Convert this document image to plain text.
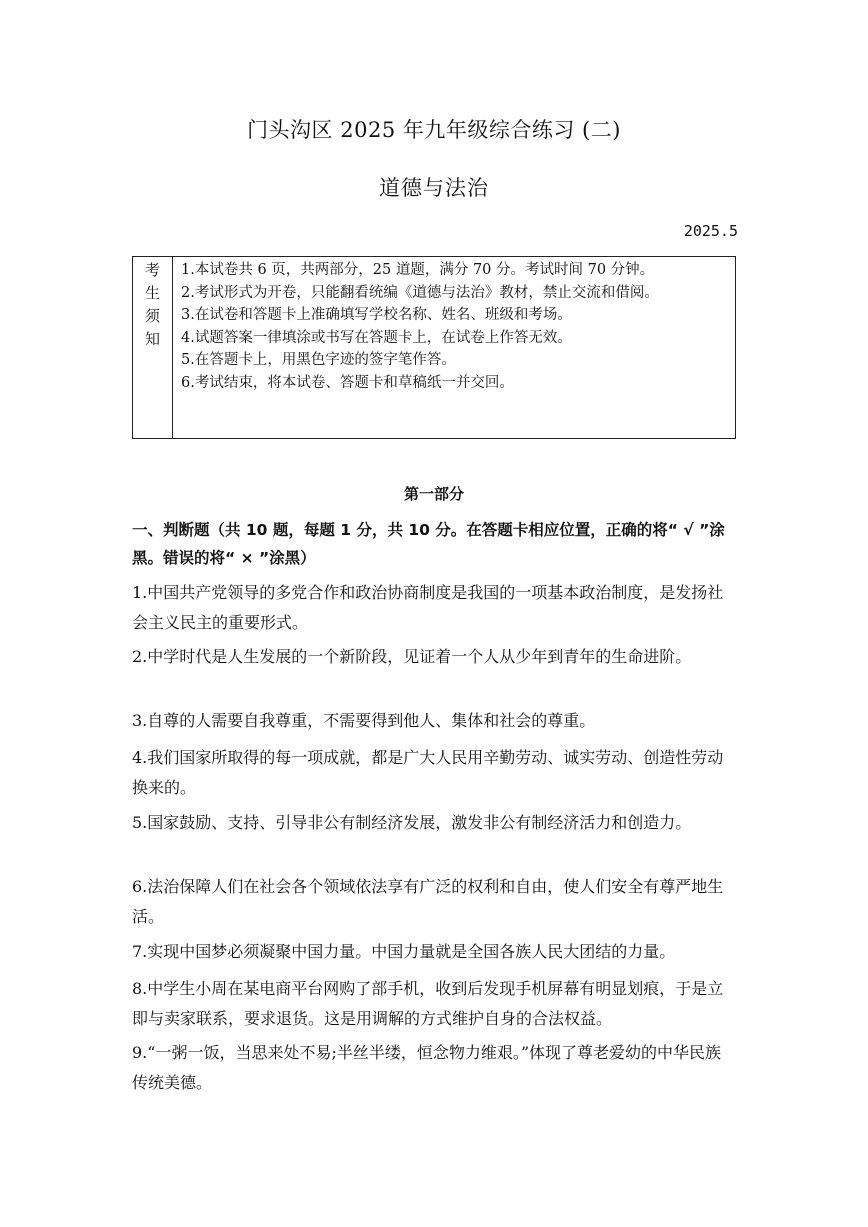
门头沟区 2025 年九年级综合练习 (二)
道德与法治
2025.5
考
生
须
知
1.本试卷共 6 页，共两部分，25 道题，满分 70 分。考试时间 70 分钟。
2.考试形式为开卷，只能翻看统编《道德与法治》教材，禁止交流和借阅。
3.在试卷和答题卡上准确填写学校名称、姓名、班级和考场。
4.试题答案一律填涂或书写在答题卡上，在试卷上作答无效。
5.在答题卡上，用黑色字迹的签字笔作答。
6.考试结束，将本试卷、答题卡和草稿纸一并交回。
第一部分
一、判断题（共 10 题，每题 1 分，共 10 分。在答题卡相应位置，正确的将“ √ ”涂黑。错误的将“ × ”涂黑）
1.中国共产党领导的多党合作和政治协商制度是我国的一项基本政治制度，是发扬社会主义民主的重要形式。
2.中学时代是人生发展的一个新阶段，见证着一个人从少年到青年的生命进阶。
3.自尊的人需要自我尊重，不需要得到他人、集体和社会的尊重。
4.我们国家所取得的每一项成就，都是广大人民用辛勤劳动、诚实劳动、创造性劳动换来的。
5.国家鼓励、支持、引导非公有制经济发展，激发非公有制经济活力和创造力。
6.法治保障人们在社会各个领域依法享有广泛的权利和自由，使人们安全有尊严地生活。
7.实现中国梦必须凝聚中国力量。中国力量就是全国各族人民大团结的力量。
8.中学生小周在某电商平台网购了部手机，收到后发现手机屏幕有明显划痕，于是立即与卖家联系，要求退货。这是用调解的方式维护自身的合法权益。
9.“一粥一饭，当思来处不易;半丝半缕，恒念物力维艰。”体现了尊老爱幼的中华民族传统美德。
